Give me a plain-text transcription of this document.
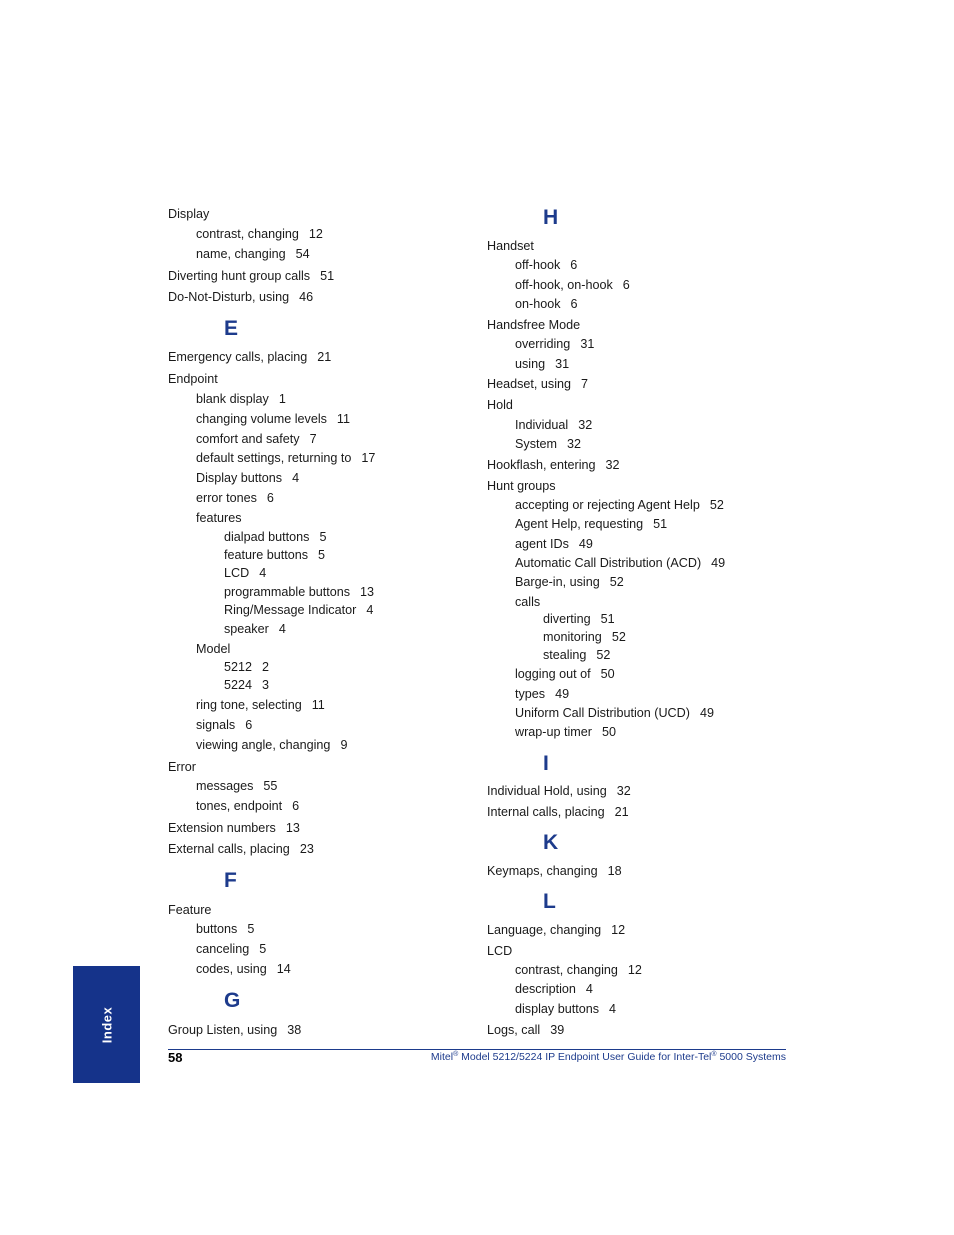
Display
contrast, changing 12
name, changing 54
Diverting hunt group calls 51
Do-Not-Disturb, using 46
E
Emergency calls, placing 21
Endpoint
blank display 1
changing volume levels 11
comfort and safety 7
default settings, returning to 17
Display buttons 4
error tones 6
features
dialpad buttons 5
feature buttons 5
LCD 4
programmable buttons 13
Ring/Message Indicator 4
speaker 4
Model
5212 2
5224 3
ring tone, selecting 11
signals 6
viewing angle, changing 9
Error
messages 55
tones, endpoint 6
Extension numbers 13
External calls, placing 23
F
Feature
buttons 5
canceling 5
codes, using 14
G
Group Listen, using 38
H
Handset
off-hook 6
off-hook, on-hook 6
on-hook 6
Handsfree Mode
overriding 31
using 31
Headset, using 7
Hold
Individual 32
System 32
Hookflash, entering 32
Hunt groups
accepting or rejecting Agent Help 52
Agent Help, requesting 51
agent IDs 49
Automatic Call Distribution (ACD) 49
Barge-in, using 52
calls
diverting 51
monitoring 52
stealing 52
logging out of 50
types 49
Uniform Call Distribution (UCD) 49
wrap-up timer 50
I
Individual Hold, using 32
Internal calls, placing 21
K
Keymaps, changing 18
L
Language, changing 12
LCD
contrast, changing 12
description 4
display buttons 4
Logs, call 39
Index
58	Mitel® Model 5212/5224 IP Endpoint User Guide for Inter-Tel® 5000 Systems
